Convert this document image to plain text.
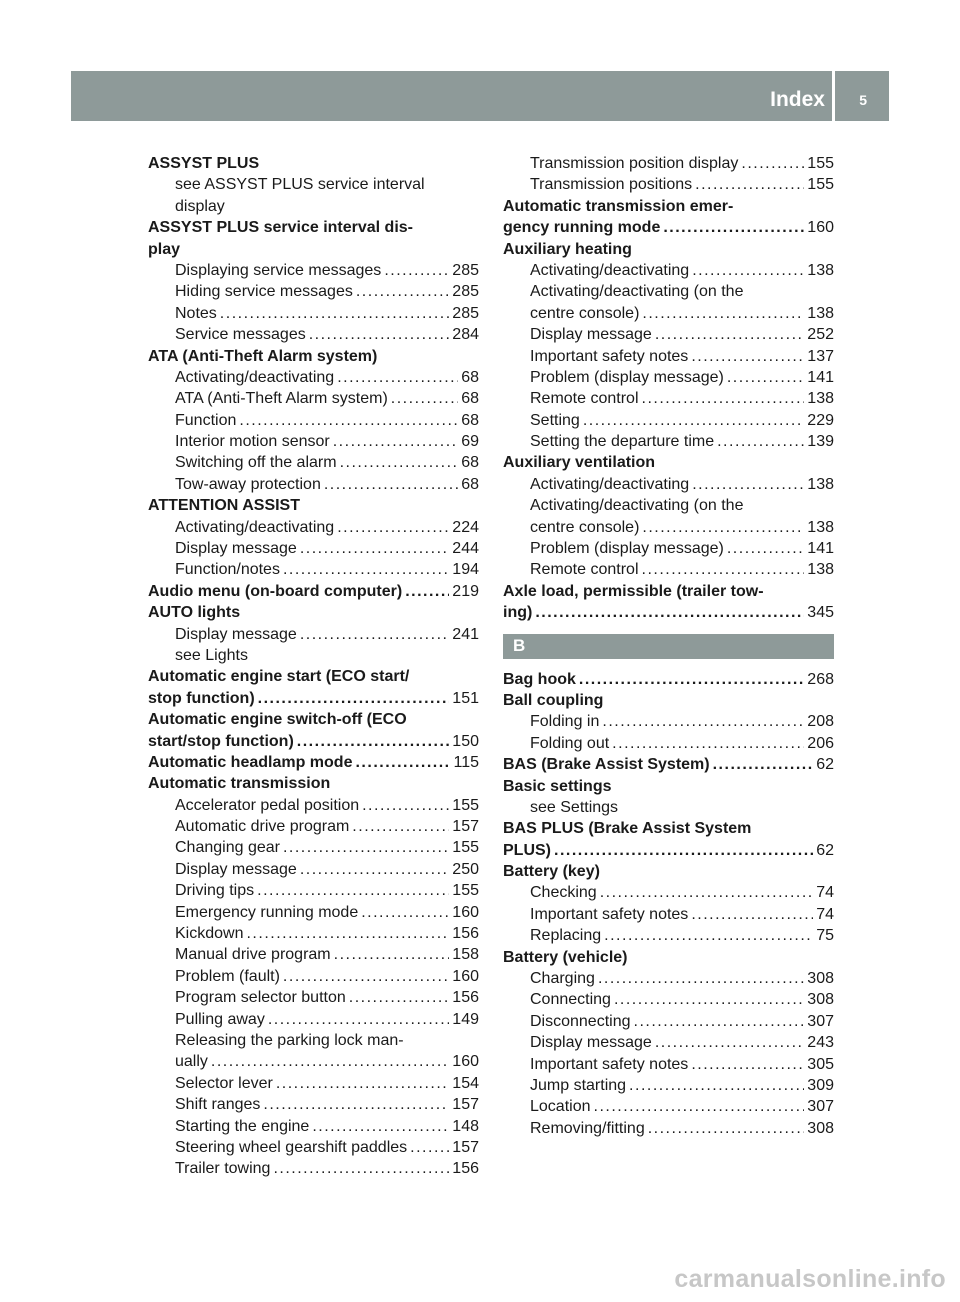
Index 5
ASSYST PLUS
see ASSYST PLUS service interval
display
ASSYST PLUS service interval dis-
play
Displaying service messages .....	285
Hiding service messages .....	285
Notes .....	285
Service messages .....	284
ATA (Anti-Theft Alarm system)
Activating/deactivating .....	68
ATA (Anti-Theft Alarm system) .....	68
Function .....	68
Interior motion sensor .....	69
Switching off the alarm .....	68
Tow-away protection .....	68
ATTENTION ASSIST
Activating/deactivating .....	224
Display message .....	244
Function/notes .....	194
Audio menu (on-board computer) .....	219
AUTO lights
Display message .....	241
see Lights
Automatic engine start (ECO start/
stop function) .....	151
Automatic engine switch-off (ECO
start/stop function) .....	150
Automatic headlamp mode .....	115
Automatic transmission
Accelerator pedal position .....	155
Automatic drive program .....	157
Changing gear .....	155
Display message .....	250
Driving tips .....	155
Emergency running mode .....	160
Kickdown .....	156
Manual drive program .....	158
Problem (fault) .....	160
Program selector button .....	156
Pulling away .....	149
Releasing the parking lock man-
ually .....	160
Selector lever .....	154
Shift ranges .....	157
Starting the engine .....	148
Steering wheel gearshift paddles .....	157
Trailer towing .....	156
Transmission position display .....	155
Transmission positions .....	155
Automatic transmission emer-
gency running mode .....	160
Auxiliary heating
Activating/deactivating .....	138
Activating/deactivating (on the
centre console) .....	138
Display message .....	252
Important safety notes .....	137
Problem (display message) .....	141
Remote control .....	138
Setting .....	229
Setting the departure time .....	139
Auxiliary ventilation
Activating/deactivating .....	138
Activating/deactivating (on the
centre console) .....	138
Problem (display message) .....	141
Remote control .....	138
Axle load, permissible (trailer tow-
ing) .....	345
B
Bag hook .....	268
Ball coupling
Folding in .....	208
Folding out .....	206
BAS (Brake Assist System) .....	62
Basic settings
see Settings
BAS PLUS (Brake Assist System
PLUS) .....	62
Battery (key)
Checking .....	74
Important safety notes .....	74
Replacing .....	75
Battery (vehicle)
Charging .....	308
Connecting .....	308
Disconnecting .....	307
Display message .....	243
Important safety notes .....	305
Jump starting .....	309
Location .....	307
Removing/fitting .....	308
carmanualsonline.info
